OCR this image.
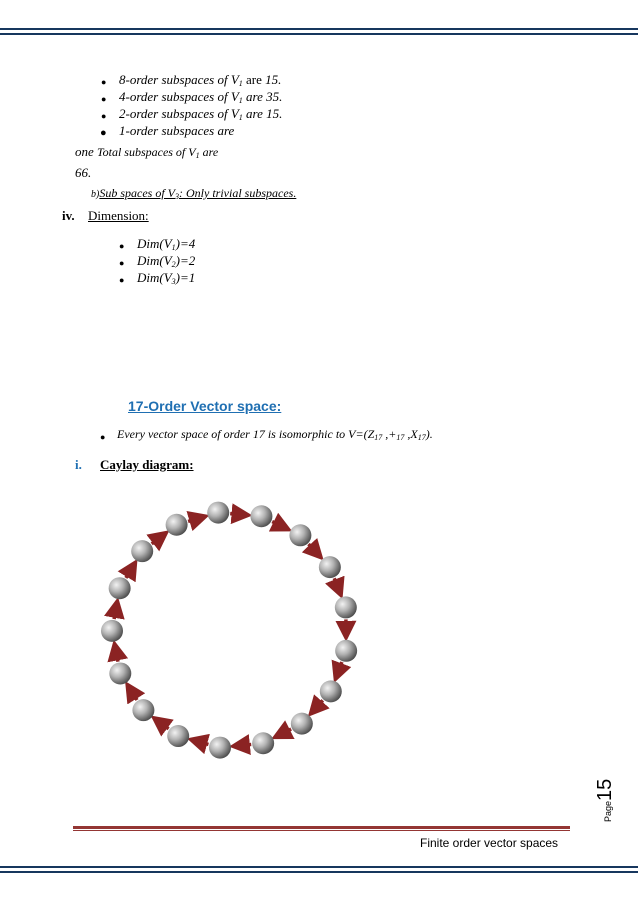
● 8-order subspaces of $V_1$ are 15.
● 4-order subspaces of $V_1$ are 35.
● 2-order subspaces of $V_1$ are 15.
● 1-order subspaces are
one Total subspaces of $V_1$ are
66.
b)Sub spaces of $V_3$: Only trivial subspaces.
iv. Dimension:
● $Dim(V_1)=4$
● $Dim(V_2)=2$
● $Dim(V_3)=1$
17-Order Vector space:
● Every vector space of order 17 is isomorphic to $V=(Z_{17}$ $,+_{17}$ $,X_{17}$).
i. Caylay diagram:
Finite order vector spaces
Page15
